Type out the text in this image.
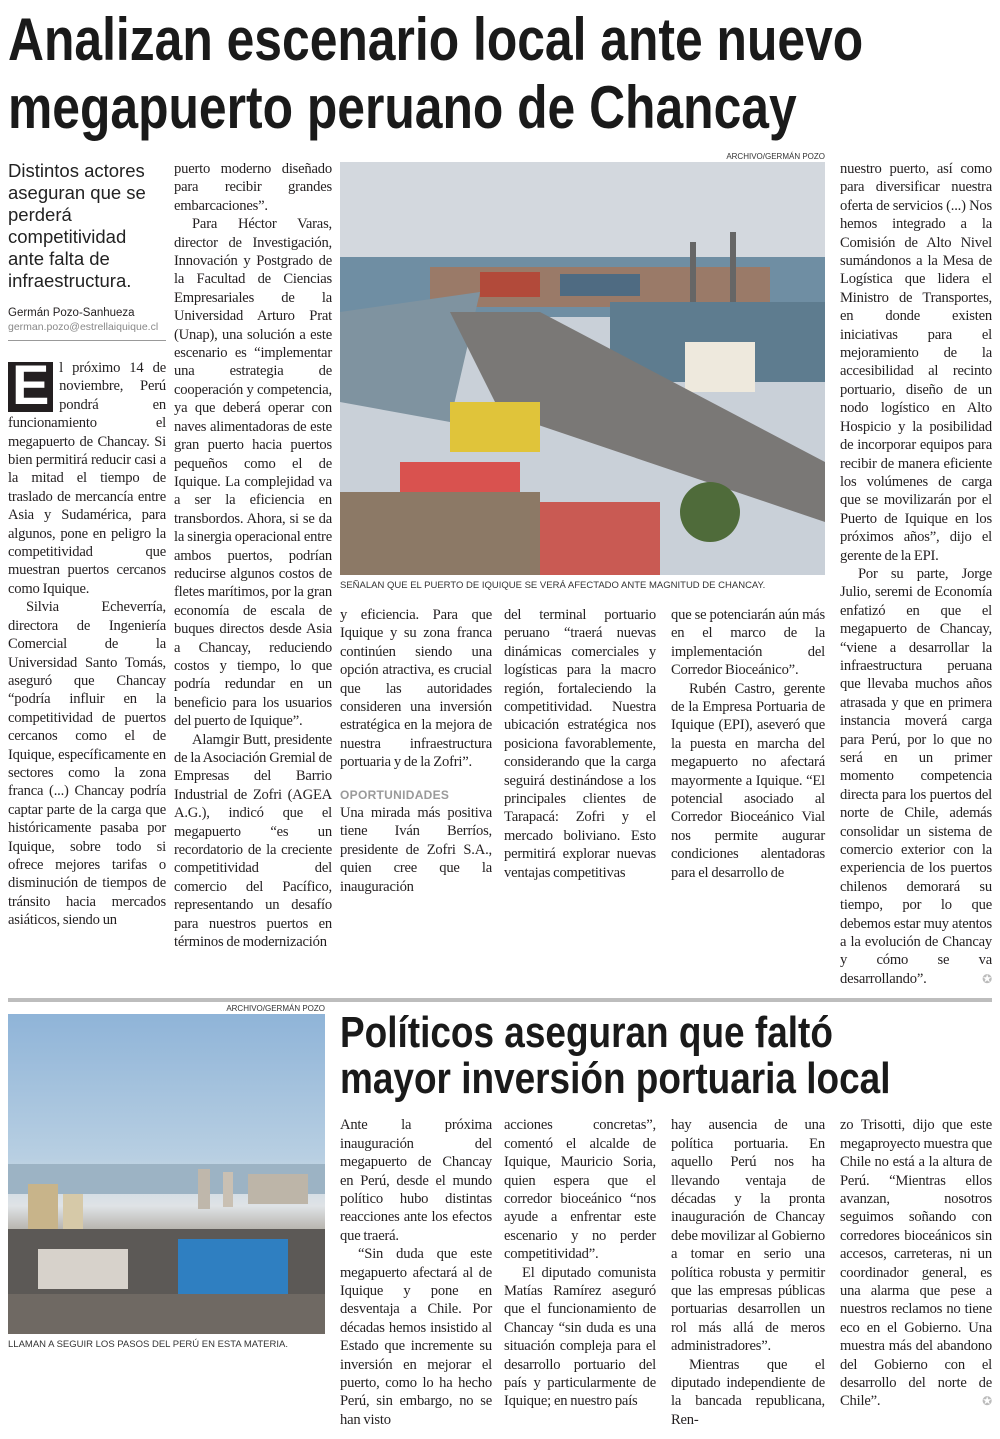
Analizan escenario local ante nuevo
megapuerto peruano de Chancay
Distintos actores aseguran que se perderá competitividad ante falta de infraestructura.
Germán Pozo-Sanhueza
german.pozo@estrellaiquique.cl

E l próximo 14 de noviembre, Perú pondrá en funcionamiento el megapuerto de Chancay. Si bien permitirá reducir casi a la mitad el tiempo de traslado de mercancía entre Asia y Sudamérica, para algunos, pone en peligro la competitividad que muestran puertos cercanos como Iquique.

Silvia Echeverría, directora de Ingeniería Comercial de la Universidad Santo Tomás, aseguró que Chancay “podría influir en la competitividad de puertos cercanos como el de Iquique, específicamente en sectores como la zona franca (...) Chancay podría captar parte de la carga que históricamente pasaba por Iquique, sobre todo si ofrece mejores tarifas o disminución de tiempos de tránsito hacia mercados asiáticos, siendo un

puerto moderno diseñado para recibir grandes embarcaciones”.

Para Héctor Varas, director de Investigación, Innovación y Postgrado de la Facultad de Ciencias Empresariales de la Universidad Arturo Prat (Unap), una solución a este escenario es “implementar una estrategia de cooperación y competencia, ya que deberá operar con naves alimentadoras de este gran puerto hacia puertos pequeños como el de Iquique. La complejidad va a ser la eficiencia en transbordos. Ahora, si se da la sinergia operacional entre ambos puertos, podrían reducirse algunos costos de fletes marítimos, por la gran economía de escala de buques directos desde Asia a Chancay, reduciendo costos y tiempo, lo que podría redundar en un beneficio para los usuarios del puerto de Iquique”.

Alamgir Butt, presidente de la Asociación Gremial de Empresas del Barrio Industrial de Zofri (AGEA A.G.), indicó que el megapuerto “es un recordatorio de la creciente competitividad del comercio del Pacífico, representando un desafío para nuestros puertos en términos de modernización

ARCHIVO/GERMÁN POZO
SEÑALAN QUE EL PUERTO DE IQUIQUE SE VERÁ AFECTADO ANTE MAGNITUD DE CHANCAY.

y eficiencia. Para que Iquique y su zona franca continúen siendo una opción atractiva, es crucial que las autoridades consideren una inversión estratégica en la mejora de nuestra infraestructura portuaria y de la Zofri”.

OPORTUNIDADES

Una mirada más positiva tiene Iván Berríos, presidente de Zofri S.A., quien cree que la inauguración

del terminal portuario peruano “traerá nuevas dinámicas comerciales y logísticas para la macro región, fortaleciendo la competitividad. Nuestra ubicación estratégica nos posiciona favorablemente, considerando que la carga seguirá destinándose a los principales clientes de Tarapacá: Zofri y el mercado boliviano. Esto permitirá explorar nuevas ventajas competitivas

que se potenciarán aún más en el marco de la implementación del Corredor Bioceánico”.

Rubén Castro, gerente de la Empresa Portuaria de Iquique (EPI), aseveró que la puesta en marcha del megapuerto no afectará mayormente a Iquique. “El potencial asociado al Corredor Bioceánico Vial nos permite augurar condiciones alentadoras para el desarrollo de

nuestro puerto, así como para diversificar nuestra oferta de servicios (...) Nos hemos integrado a la Comisión de Alto Nivel sumándonos a la Mesa de Logística que lidera el Ministro de Transportes, en donde existen iniciativas para el mejoramiento de la accesibilidad al recinto portuario, diseño de un nodo logístico en Alto Hospicio y la posibilidad de incorporar equipos para recibir de manera eficiente los volúmenes de carga que se movilizarán por el Puerto de Iquique en los próximos años”, dijo el gerente de la EPI.

Por su parte, Jorge Julio, seremi de Economía enfatizó en que el megapuerto de Chancay, “viene a desarrollar la infraestructura peruana que llevaba muchos años atrasada y que en primera instancia moverá carga para Perú, por lo que no será en un primer momento competencia directa para los puertos del norte de Chile, además consolidar un sistema de comercio exterior con la experiencia de los puertos chilenos demorará su tiempo, por lo que debemos estar muy atentos a la evolución de Chancay y cómo se va desarrollando”.	✪

ARCHIVO/GERMÁN POZO
LLAMAN A SEGUIR LOS PASOS DEL PERÚ EN ESTA MATERIA.
Políticos aseguran que faltó
mayor inversión portuaria local

Ante la próxima inauguración del megapuerto de Chancay en Perú, desde el mundo político hubo distintas reacciones ante los efectos que traerá.

“Sin duda que este megapuerto afectará al de Iquique y pone en desventaja a Chile. Por décadas hemos insistido al Estado que incremente su inversión en mejorar el puerto, como lo ha hecho Perú, sin embargo, no se han visto

acciones concretas”, comentó el alcalde de Iquique, Mauricio Soria, quien espera que el corredor bioceánico “nos ayude a enfrentar este escenario y no perder competitividad”.

El diputado comunista Matías Ramírez aseguró que el funcionamiento de Chancay “sin duda es una situación compleja para el desarrollo portuario del país y particularmente de Iquique; en nuestro país

hay ausencia de una política portuaria. En aquello Perú nos ha llevando ventaja de décadas y la pronta inauguración de Chancay debe movilizar al Gobierno a tomar en serio una política robusta y permitir que las empresas públicas portuarias desarrollen un rol más allá de meros administradores”.

Mientras que el diputado independiente de la bancada republicana, Ren-

zo Trisotti, dijo que este megaproyecto muestra que Chile no está a la altura de Perú. “Mientras ellos avanzan, nosotros seguimos soñando con corredores bioceánicos sin accesos, carreteras, ni un coordinador general, es una alarma que pese a nuestros reclamos no tiene eco en el Gobierno. Una muestra más del abandono del Gobierno con el desarrollo del norte de Chile”.	✪
